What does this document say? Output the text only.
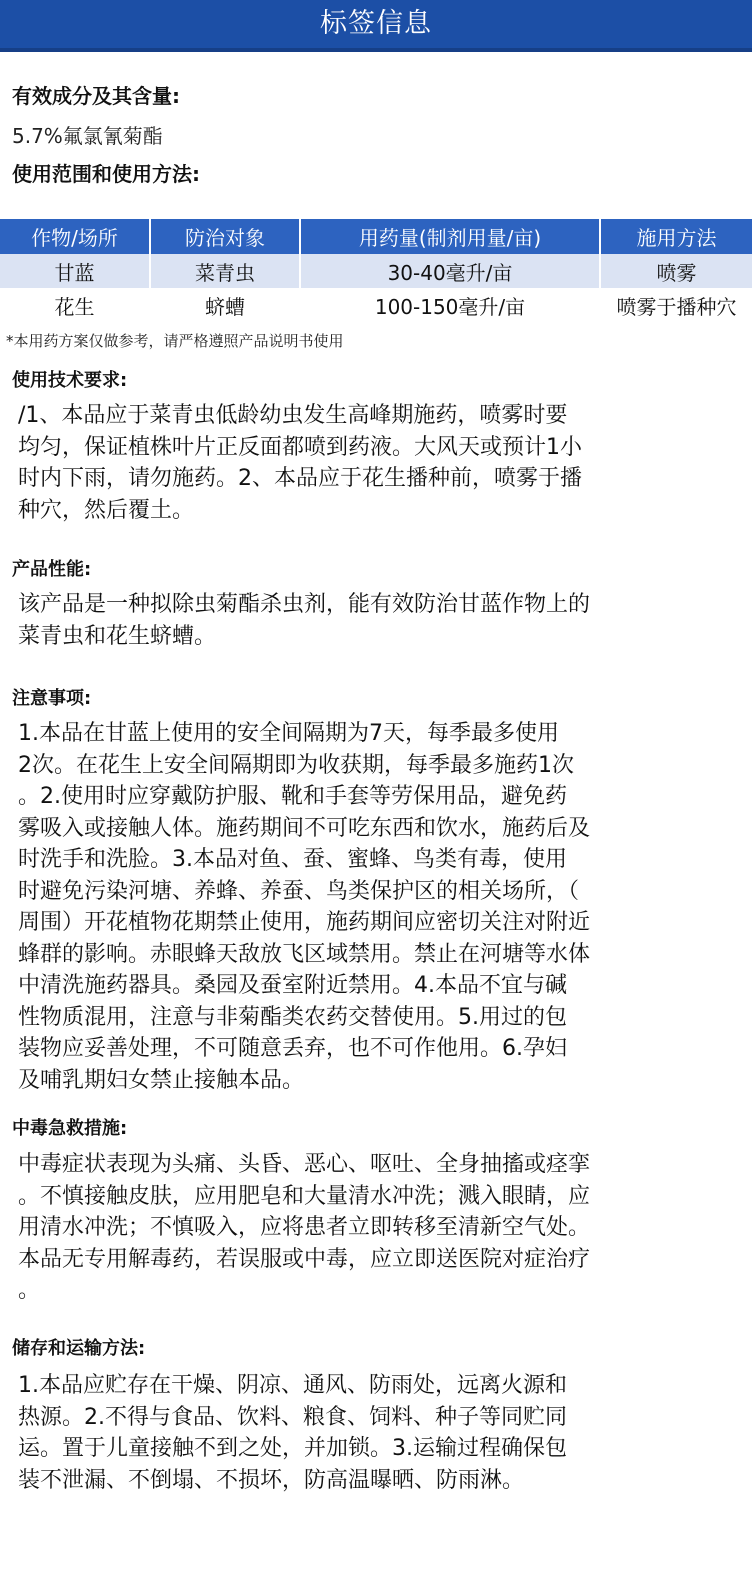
标签信息
有效成分及其含量:
5.7%氟氯氰菊酯
使用范围和使用方法:
作物/场所	防治对象	用药量(制剂用量/亩)	施用方法
甘蓝	菜青虫	30-40毫升/亩	喷雾
花生	蛴螬	100-150毫升/亩	喷雾于播种穴
*本用药方案仅做参考，请严格遵照产品说明书使用
使用技术要求:

/1、本品应于菜青虫低龄幼虫发生高峰期施药，喷雾时要
均匀，保证植株叶片正反面都喷到药液。大风天或预计1小
时内下雨，请勿施药。2、本品应于花生播种前，喷雾于播
种穴，然后覆土。

产品性能:

该产品是一种拟除虫菊酯杀虫剂，能有效防治甘蓝作物上的
菜青虫和花生蛴螬。

注意事项:

1.本品在甘蓝上使用的安全间隔期为7天，每季最多使用
2次。在花生上安全间隔期即为收获期，每季最多施药1次
。2.使用时应穿戴防护服、靴和手套等劳保用品，避免药
雾吸入或接触人体。施药期间不可吃东西和饮水，施药后及
时洗手和洗脸。3.本品对鱼、蚕、蜜蜂、鸟类有毒，使用
时避免污染河塘、养蜂、养蚕、鸟类保护区的相关场所，（
周围）开花植物花期禁止使用，施药期间应密切关注对附近
蜂群的影响。赤眼蜂天敌放飞区域禁用。禁止在河塘等水体
中清洗施药器具。桑园及蚕室附近禁用。4.本品不宜与碱
性物质混用，注意与非菊酯类农药交替使用。5.用过的包
装物应妥善处理，不可随意丢弃，也不可作他用。6.孕妇
及哺乳期妇女禁止接触本品。

中毒急救措施:

中毒症状表现为头痛、头昏、恶心、呕吐、全身抽搐或痉挛
。不慎接触皮肤，应用肥皂和大量清水冲洗；溅入眼睛，应
用清水冲洗；不慎吸入，应将患者立即转移至清新空气处。
本品无专用解毒药，若误服或中毒，应立即送医院对症治疗
。

储存和运输方法:

1.本品应贮存在干燥、阴凉、通风、防雨处，远离火源和
热源。2.不得与食品、饮料、粮食、饲料、种子等同贮同
运。置于儿童接触不到之处，并加锁。3.运输过程确保包
装不泄漏、不倒塌、不损坏，防高温曝晒、防雨淋。
